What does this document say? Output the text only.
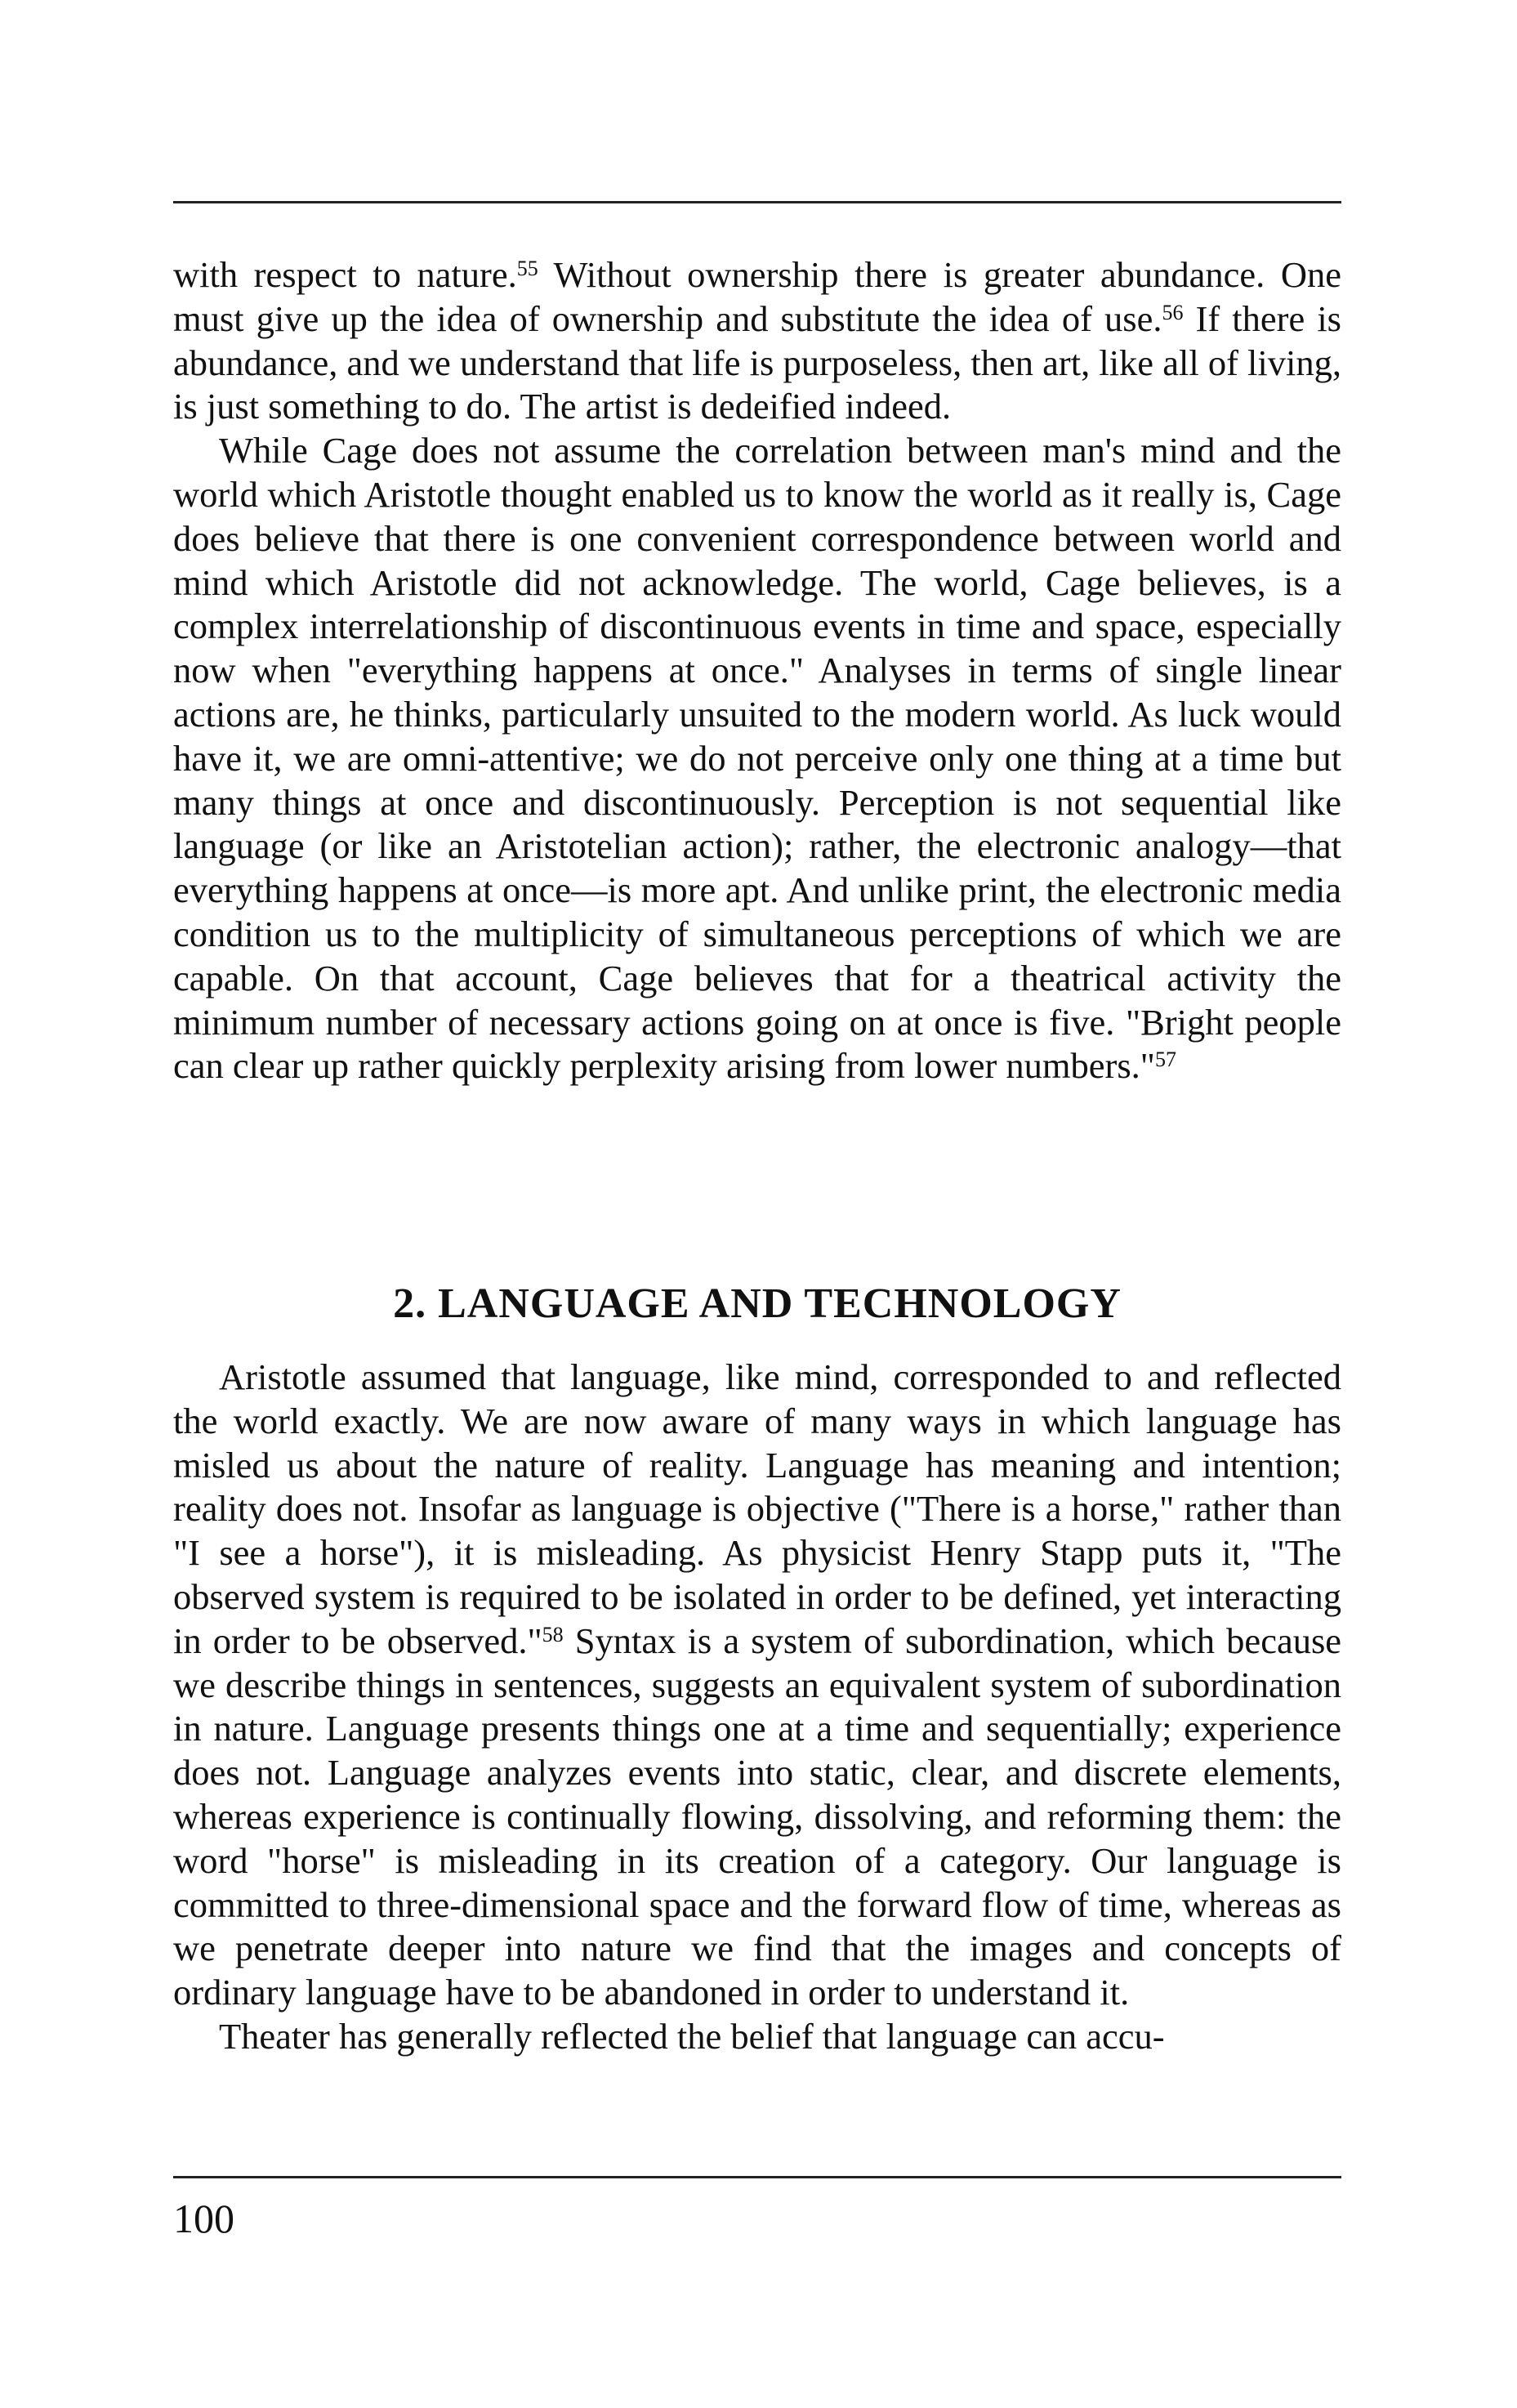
with respect to nature.$^{55}$ Without ownership there is greater abundance. One must give up the idea of ownership and substitute the idea of use.$^{56}$ If there is abundance, and we understand that life is purposeless, then art, like all of living, is just something to do. The artist is dedeified indeed.

While Cage does not assume the correlation between man's mind and the world which Aristotle thought enabled us to know the world as it really is, Cage does believe that there is one convenient correspondence between world and mind which Aristotle did not acknowledge. The world, Cage believes, is a complex interrelationship of discontinuous events in time and space, especially now when "everything happens at once." Analyses in terms of single linear actions are, he thinks, particularly unsuited to the modern world. As luck would have it, we are omni-attentive; we do not perceive only one thing at a time but many things at once and discontinuously. Perception is not sequential like language (or like an Aristotelian action); rather, the electronic analogy—that everything happens at once—is more apt. And unlike print, the electronic media condition us to the multiplicity of simultaneous perceptions of which we are capable. On that account, Cage believes that for a theatrical activity the minimum number of necessary actions going on at once is five. "Bright people can clear up rather quickly perplexity arising from lower numbers."$^{57}$

2. LANGUAGE AND TECHNOLOGY

Aristotle assumed that language, like mind, corresponded to and reflected the world exactly. We are now aware of many ways in which language has misled us about the nature of reality. Language has meaning and intention; reality does not. Insofar as language is objective ("There is a horse," rather than "I see a horse"), it is misleading. As physicist Henry Stapp puts it, "The observed system is required to be isolated in order to be defined, yet interacting in order to be observed."$^{58}$ Syntax is a system of subordination, which because we describe things in sentences, suggests an equivalent system of subordination in nature. Language presents things one at a time and sequentially; experience does not. Language analyzes events into static, clear, and discrete elements, whereas experience is continually flowing, dissolving, and reforming them: the word "horse" is misleading in its creation of a category. Our language is committed to three-dimensional space and the forward flow of time, whereas as we penetrate deeper into nature we find that the images and concepts of ordinary language have to be abandoned in order to understand it.

Theater has generally reflected the belief that language can accu-

100
